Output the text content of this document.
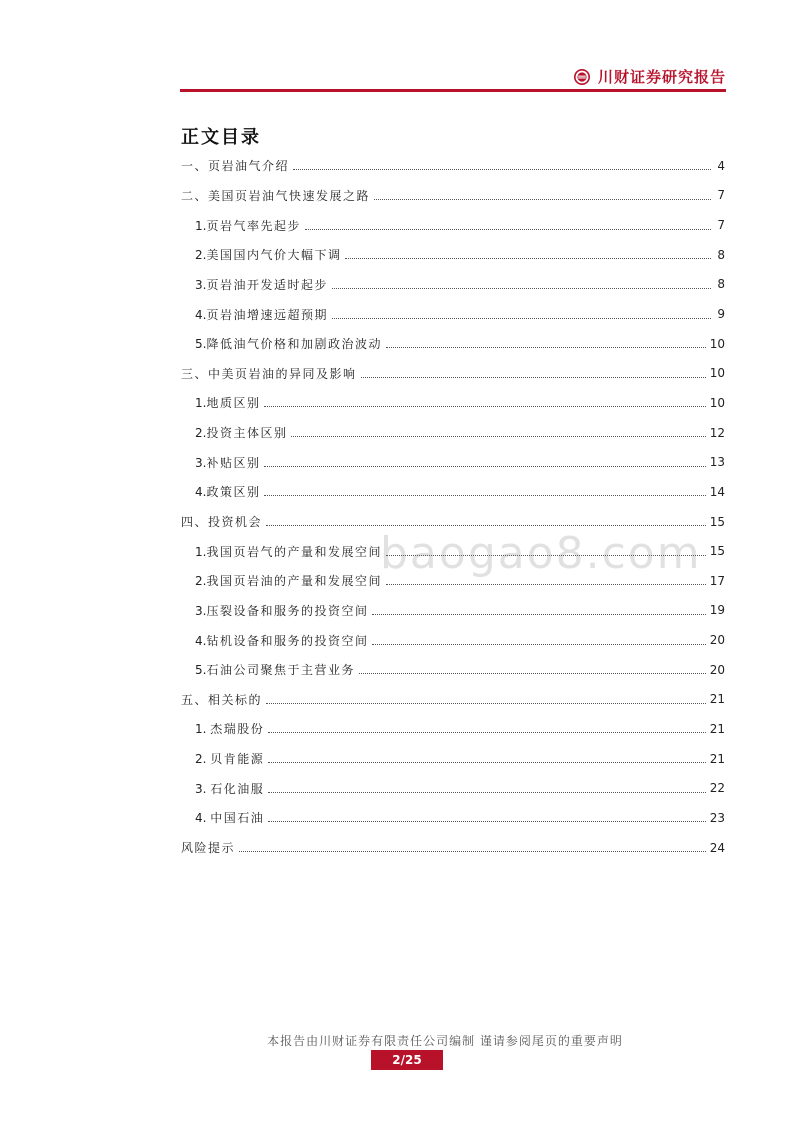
川财证券研究报告
正文目录
一、页岩油气介绍	4
二、美国页岩油气快速发展之路	7
1.页岩气率先起步	7
2.美国国内气价大幅下调	8
3.页岩油开发适时起步	8
4.页岩油增速远超预期	9
5.降低油气价格和加剧政治波动	10
三、中美页岩油的异同及影响	10
1.地质区别	10
2.投资主体区别	12
3.补贴区别	13
4.政策区别	14
四、投资机会	15
1.我国页岩气的产量和发展空间	15
2.我国页岩油的产量和发展空间	17
3.压裂设备和服务的投资空间	19
4.钻机设备和服务的投资空间	20
5.石油公司聚焦于主营业务	20
五、相关标的	21
1. 杰瑞股份	21
2. 贝肯能源	21
3. 石化油服	22
4. 中国石油	23
风险提示	24
baogao8.com
本报告由川财证券有限责任公司编制 谨请参阅尾页的重要声明
2/25
